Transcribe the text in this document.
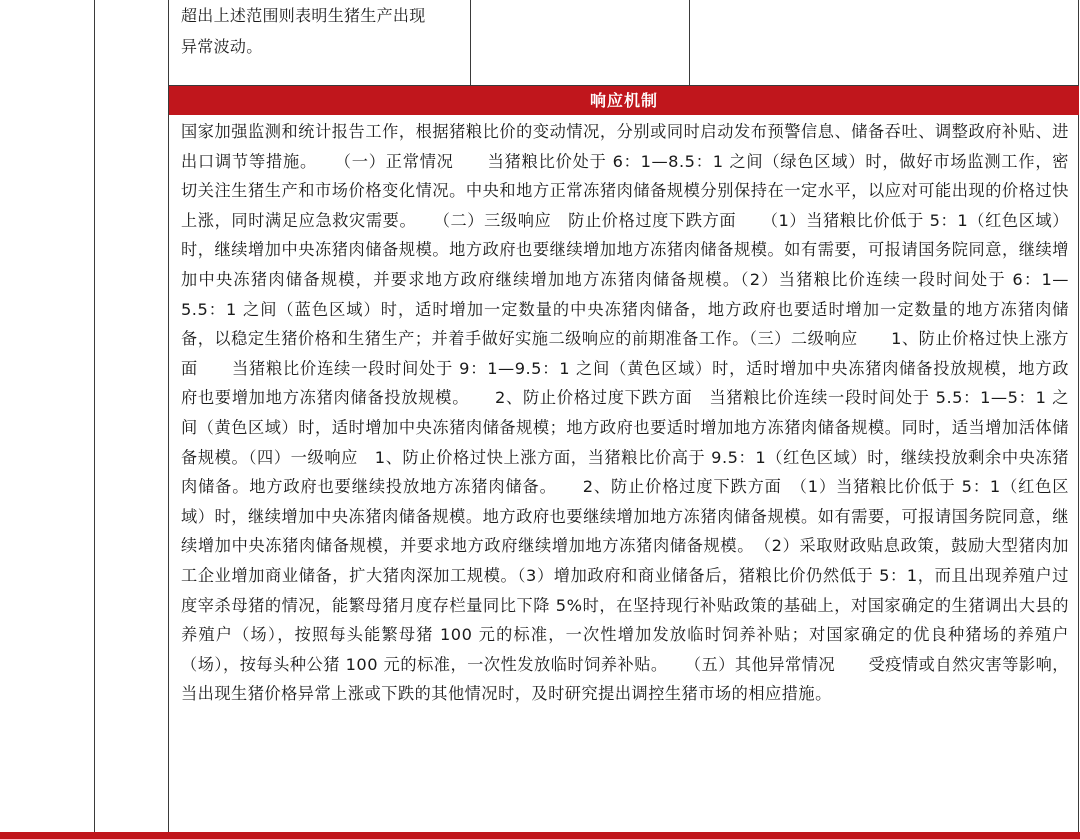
超出上述范围则表明生猪生产出现
异常波动。
响应机制

国家加强监测和统计报告工作，根据猪粮比价的变动情况，分别或同时启动发布预警信息、储备吞吐、调整政府补贴、进出口调节等措施。　　（一）正常情况　　当猪粮比价处于 6：1—8.5：1 之间（绿色区域）时，做好市场监测工作，密切关注生猪生产和市场价格变化情况。中央和地方正常冻猪肉储备规模分别保持在一定水平，以应对可能出现的价格过快上涨，同时满足应急救灾需要。　　（二）三级响应　防止价格过度下跌方面　　（1）当猪粮比价低于 5：1（红色区域）时，继续增加中央冻猪肉储备规模。地方政府也要继续增加地方冻猪肉储备规模。如有需要，可报请国务院同意，继续增加中央冻猪肉储备规模，并要求地方政府继续增加地方冻猪肉储备规模。（2）当猪粮比价连续一段时间处于 6：1—5.5：1 之间（蓝色区域）时，适时增加一定数量的中央冻猪肉储备，地方政府也要适时增加一定数量的地方冻猪肉储备，以稳定生猪价格和生猪生产；并着手做好实施二级响应的前期准备工作。（三）二级响应　　1、防止价格过快上涨方面　　当猪粮比价连续一段时间处于 9：1—9.5：1 之间（黄色区域）时，适时增加中央冻猪肉储备投放规模，地方政府也要增加地方冻猪肉储备投放规模。　　2、防止价格过度下跌方面　当猪粮比价连续一段时间处于 5.5：1—5：1 之间（黄色区域）时，适时增加中央冻猪肉储备规模；地方政府也要适时增加地方冻猪肉储备规模。同时，适当增加活体储备规模。（四）一级响应　1、防止价格过快上涨方面，当猪粮比价高于 9.5：1（红色区域）时，继续投放剩余中央冻猪肉储备。地方政府也要继续投放地方冻猪肉储备。　　2、防止价格过度下跌方面　（1）当猪粮比价低于 5：1（红色区域）时，继续增加中央冻猪肉储备规模。地方政府也要继续增加地方冻猪肉储备规模。如有需要，可报请国务院同意，继续增加中央冻猪肉储备规模，并要求地方政府继续增加地方冻猪肉储备规模。　（2）采取财政贴息政策，鼓励大型猪肉加工企业增加商业储备，扩大猪肉深加工规模。（3）增加政府和商业储备后，猪粮比价仍然低于 5：1，而且出现养殖户过度宰杀母猪的情况，能繁母猪月度存栏量同比下降 5%时，在坚持现行补贴政策的基础上，对国家确定的生猪调出大县的养殖户（场），按照每头能繁母猪 100 元的标准，一次性增加发放临时饲养补贴；对国家确定的优良种猪场的养殖户（场），按每头种公猪 100 元的标准，一次性发放临时饲养补贴。　　（五）其他异常情况　　受疫情或自然灾害等影响，当出现生猪价格异常上涨或下跌的其他情况时，及时研究提出调控生猪市场的相应措施。
